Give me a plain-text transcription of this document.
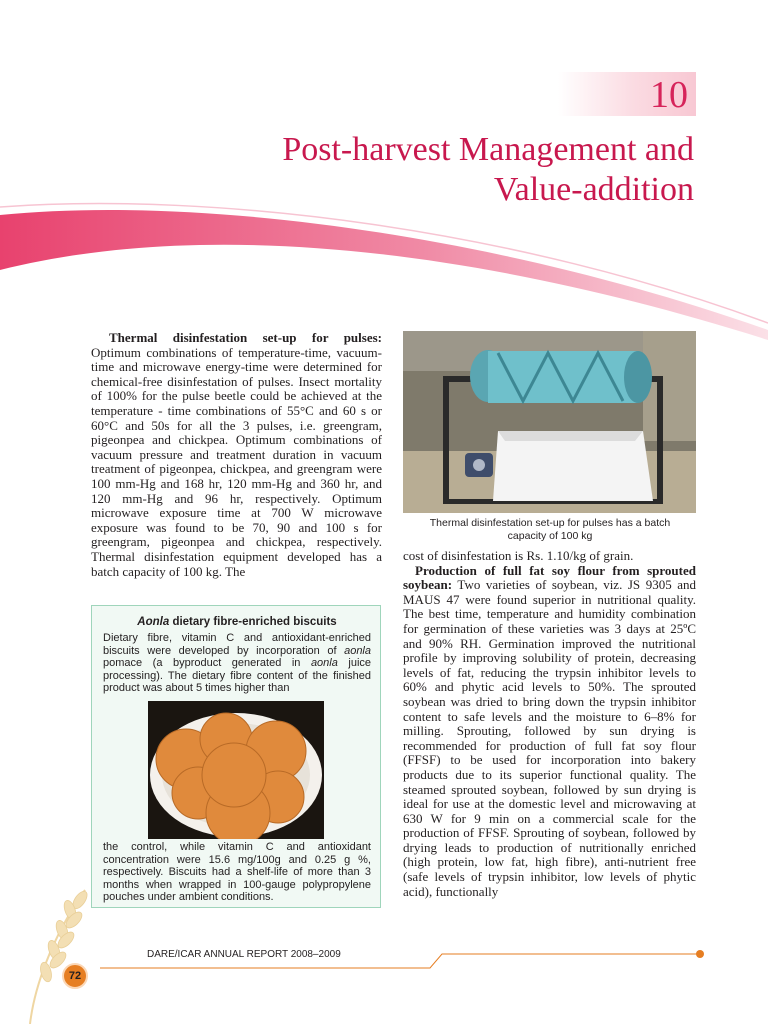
10
Post-harvest Management and
Value-addition

Thermal disinfestation set-up for pulses: Optimum combinations of temperature-time, vacuum-time and microwave energy-time were determined for chemical-free disinfestation of pulses. Insect mortality of 100% for the pulse beetle could be achieved at the temperature - time combinations of 55°C and 60 s or 60°C and 50s for all the 3 pulses, i.e. greengram, pigeonpea and chickpea. Optimum combinations of vacuum pressure and treatment duration in vacuum treatment of pigeonpea, chickpea, and greengram were 100 mm-Hg and 168 hr, 120 mm-Hg and 360 hr, and 120 mm-Hg and 96 hr, respectively. Optimum microwave exposure time at 700 W microwave exposure was found to be 70, 90 and 100 s for greengram, pigeonpea and chickpea, respectively. Thermal disinfestation equipment developed has a batch capacity of 100 kg. The

Thermal disinfestation set-up for pulses has a batch capacity of 100 kg

cost of disinfestation is Rs. 1.10/kg of grain.

Production of full fat soy flour from sprouted soybean: Two varieties of soybean, viz. JS 9305 and MAUS 47 were found superior in nutritional quality. The best time, temperature and humidity combination for germination of these varieties was 3 days at 25ºC and 90% RH. Germination improved the nutritional profile by improving solubility of protein, decreasing levels of fat, reducing the trypsin inhibitor levels to 60% and phytic acid levels to 50%. The sprouted soybean was dried to bring down the trypsin inhibitor content to safe levels and the moisture to 6–8% for milling. Sprouting, followed by sun drying is recommended for production of full fat soy flour (FFSF) to be used for incorporation into bakery products due to its superior functional quality. The steamed sprouted soybean, followed by sun drying is ideal for use at the domestic level and microwaving at 630 W for 9 min on a commercial scale for the production of FFSF. Sprouting of soybean, followed by drying leads to production of nutritionally enriched (high protein, low fat, high fibre), anti-nutrient free (safe levels of trypsin inhibitor, low levels of phytic acid), functionally

Aonla dietary fibre-enriched biscuits
Dietary fibre, vitamin C and antioxidant-enriched biscuits were developed by incorporation of aonla pomace (a byproduct generated in aonla juice processing). The dietary fibre content of the finished product was about 5 times higher than
the control, while vitamin C and antioxidant concentration were 15.6 mg/100g and 0.25 g %, respectively. Biscuits had a shelf-life of more than 3 months when wrapped in 100-gauge polypropylene pouches under ambient conditions.
DARE/ICAR ANNUAL REPORT 2008–2009
72
